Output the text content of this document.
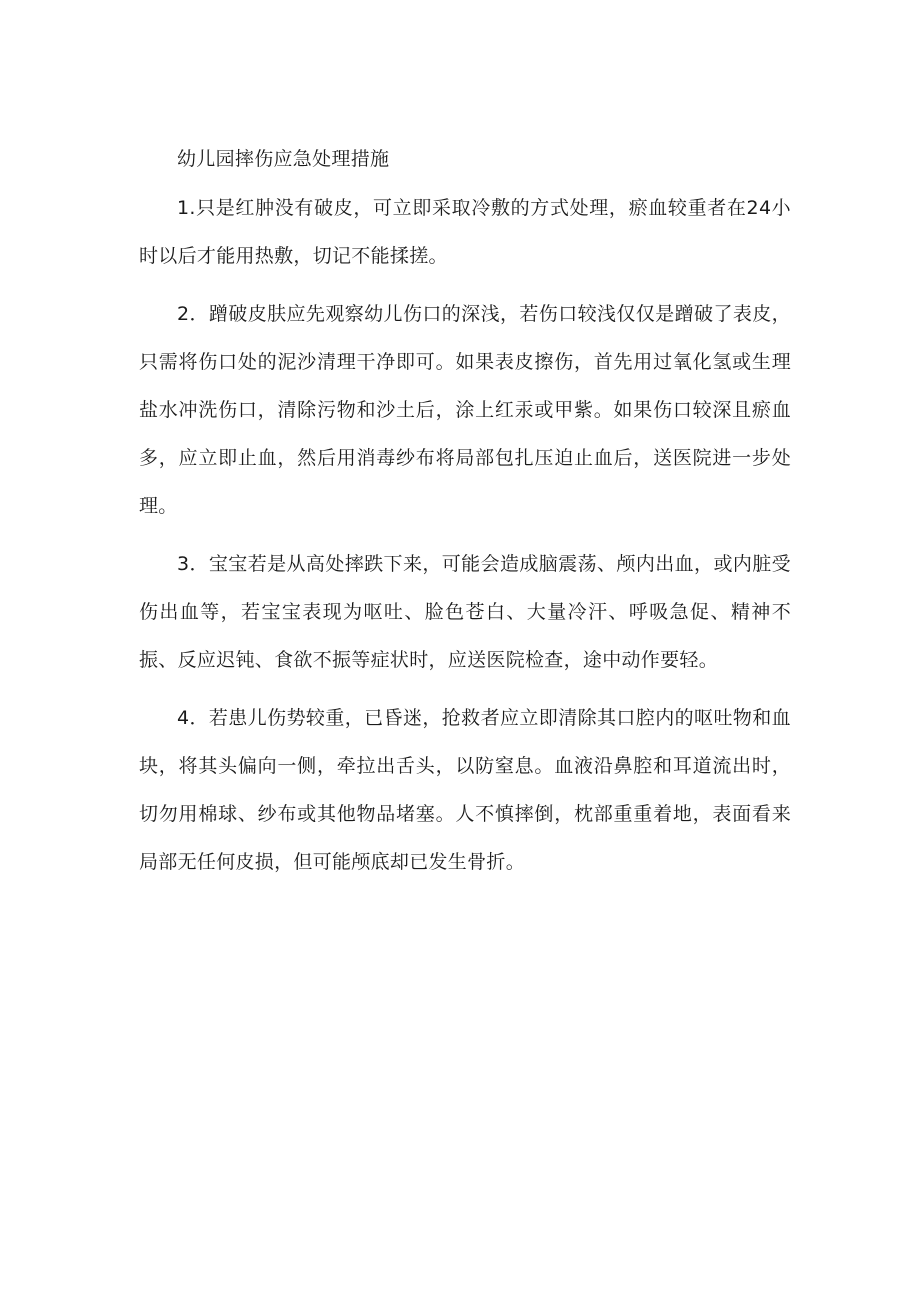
幼儿园摔伤应急处理措施

1.只是红肿没有破皮，可立即采取冷敷的方式处理，瘀血较重者在24小时以后才能用热敷，切记不能揉搓。

2．蹭破皮肤应先观察幼儿伤口的深浅，若伤口较浅仅仅是蹭破了表皮，只需将伤口处的泥沙清理干净即可。如果表皮擦伤，首先用过氧化氢或生理盐水冲洗伤口，清除污物和沙土后，涂上红汞或甲紫。如果伤口较深且瘀血多，应立即止血，然后用消毒纱布将局部包扎压迫止血后，送医院进一步处理。

3．宝宝若是从高处摔跌下来，可能会造成脑震荡、颅内出血，或内脏受伤出血等，若宝宝表现为呕吐、脸色苍白、大量冷汗、呼吸急促、精神不振、反应迟钝、食欲不振等症状时，应送医院检查，途中动作要轻。

4．若患儿伤势较重，已昏迷，抢救者应立即清除其口腔内的呕吐物和血块，将其头偏向一侧，牵拉出舌头，以防窒息。血液沿鼻腔和耳道流出时，切勿用棉球、纱布或其他物品堵塞。人不慎摔倒，枕部重重着地，表面看来局部无任何皮损，但可能颅底却已发生骨折。
